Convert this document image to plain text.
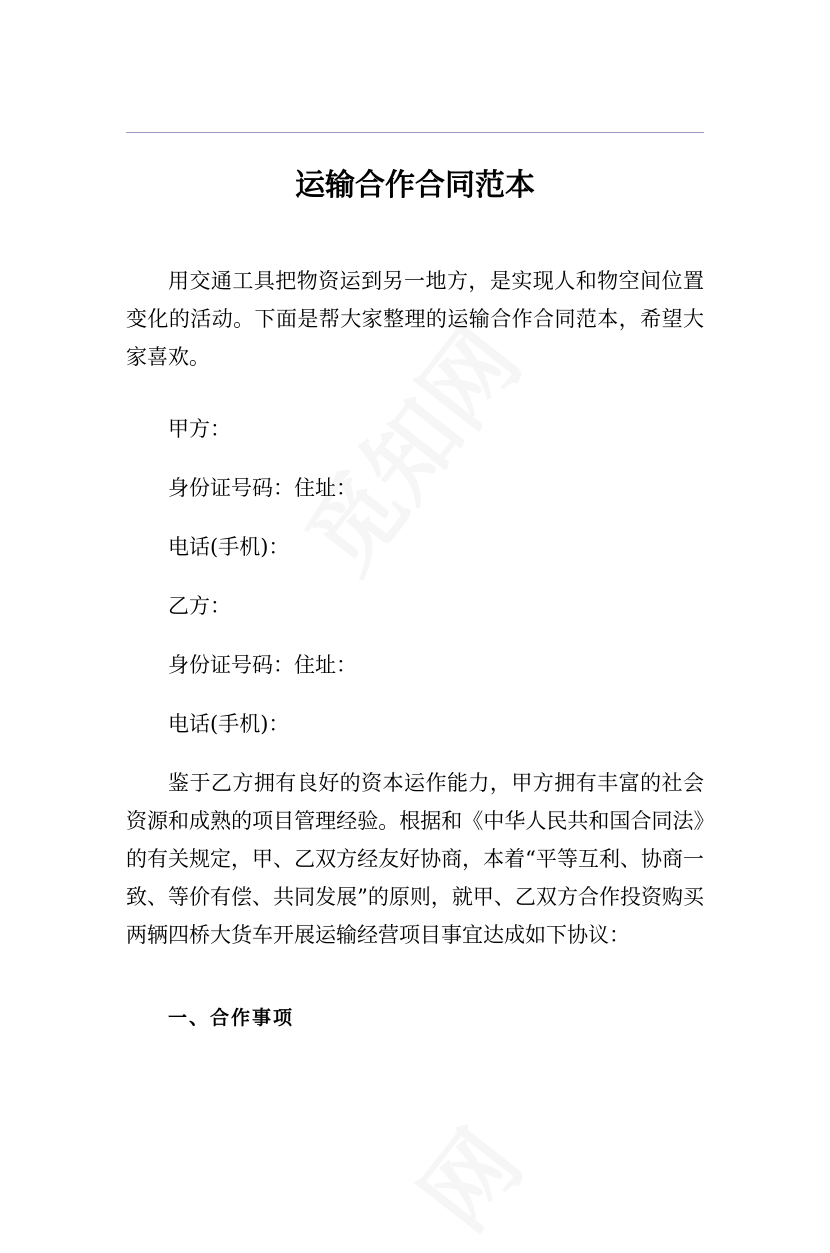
运输合作合同范本
用交通工具把物资运到另一地方，是实现人和物空间位置变化的活动。下面是帮大家整理的运输合作合同范本，希望大家喜欢。
甲方：
身份证号码：住址：
电话(手机)：
乙方：
身份证号码：住址：
电话(手机)：
鉴于乙方拥有良好的资本运作能力，甲方拥有丰富的社会资源和成熟的项目管理经验。根据和《中华人民共和国合同法》的有关规定，甲、乙双方经友好协商，本着“平等互利、协商一致、等价有偿、共同发展”的原则，就甲、乙双方合作投资购买两辆四桥大货车开展运输经营项目事宜达成如下协议：
一、合作事项
